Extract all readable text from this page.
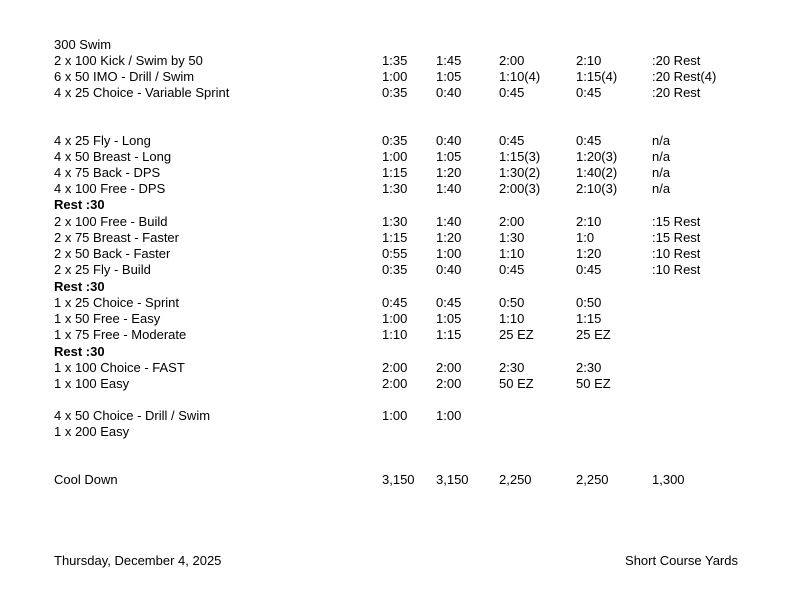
300 Swim
2 x 100 Kick / Swim by 50	1:35 1:45	2:00	2:10	:20 Rest
6 x 50 IMO - Drill / Swim	1:00 1:05	1:10(4)	1:15(4)	:20 Rest(4)
4 x 25 Choice - Variable Sprint	0:35 0:40	0:45	0:45	:20 Rest
4 x 25 Fly - Long	0:35 0:40	0:45	0:45	n/a
4 x 50 Breast - Long	1:00 1:05	1:15(3)	1:20(3)	n/a
4 x 75 Back - DPS	1:15 1:20	1:30(2)	1:40(2)	n/a
4 x 100 Free - DPS	1:30 1:40	2:00(3)	2:10(3)	n/a
Rest :30
2 x 100 Free - Build	1:30 1:40	2:00	2:10	:15 Rest
2 x 75 Breast - Faster	1:15 1:20	1:30	1:0	:15 Rest
2 x 50 Back - Faster	0:55 1:00	1:10	1:20	:10 Rest
2 x 25 Fly - Build	0:35 0:40	0:45	0:45	:10 Rest
Rest :30
1 x 25 Choice - Sprint	0:45 0:45	0:50	0:50
1 x 50 Free - Easy	1:00 1:05	1:10	1:15
1 x 75 Free - Moderate	1:10 1:15	25 EZ	25 EZ
Rest :30
1 x 100 Choice - FAST	2:00 2:00	2:30	2:30
1 x 100 Easy	2:00 2:00	50 EZ	50 EZ
4 x 50 Choice - Drill / Swim	1:00 1:00
1 x 200 Easy
Cool Down	3,150 3,150 2,250	2,250	1,300
Thursday, December 4, 2025	Short Course Yards
